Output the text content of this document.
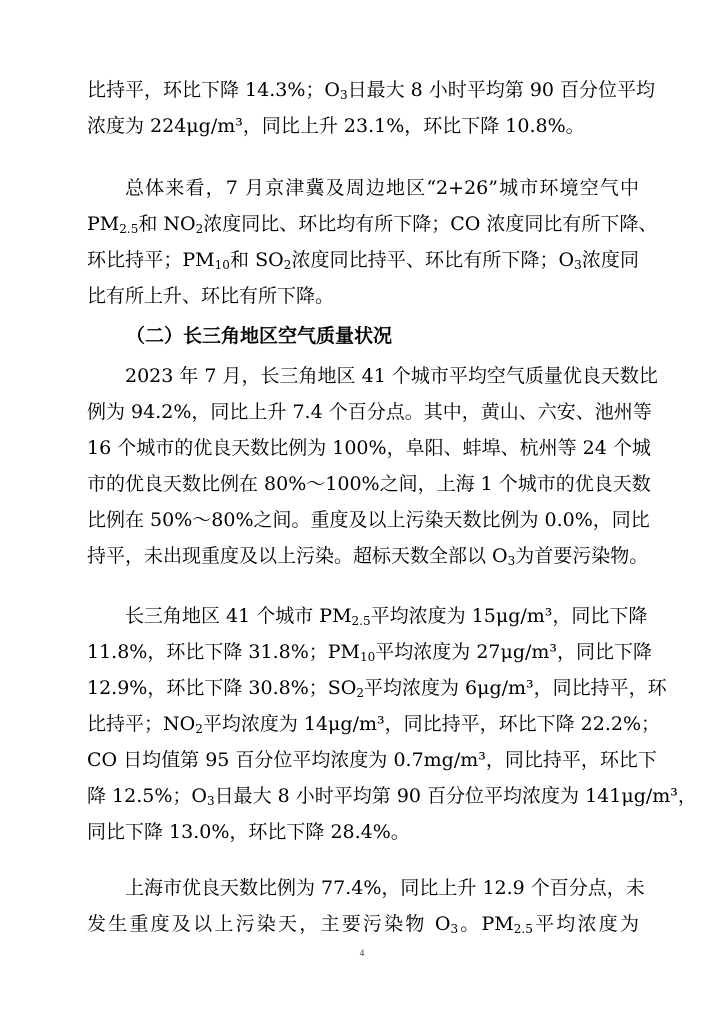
比持平，环比下降 14.3%；$O_3$日最大 8 小时平均第 90 百分位平均
浓度为 224μg/m³，同比上升 23.1%，环比下降 10.8%。
总体来看，7 月京津冀及周边地区“2+26”城市环境空气中
$PM_{2.5}$和 $NO_2$浓度同比、环比均有所下降；CO 浓度同比有所下降、
环比持平；$PM_{10}$和 $SO_2$浓度同比持平、环比有所下降；$O_3$浓度同
比有所上升、环比有所下降。
（二）长三角地区空气质量状况
2023 年 7 月，长三角地区 41 个城市平均空气质量优良天数比
例为 94.2%，同比上升 7.4 个百分点。其中，黄山、六安、池州等
16 个城市的优良天数比例为 100%，阜阳、蚌埠、杭州等 24 个城
市的优良天数比例在 80%～100%之间，上海 1 个城市的优良天数
比例在 50%～80%之间。重度及以上污染天数比例为 0.0%，同比
持平，未出现重度及以上污染。超标天数全部以 $O_3$为首要污染物。
长三角地区 41 个城市 $PM_{2.5}$平均浓度为 15μg/m³，同比下降
11.8%，环比下降 31.8%；$PM_{10}$平均浓度为 27μg/m³，同比下降
12.9%，环比下降 30.8%；$SO_2$平均浓度为 6μg/m³，同比持平，环
比持平；$NO_2$平均浓度为 14μg/m³，同比持平，环比下降 22.2%；
CO 日均值第 95 百分位平均浓度为 0.7mg/m³，同比持平，环比下
降 12.5%；$O_3$日最大 8 小时平均第 90 百分位平均浓度为 141μg/m³，
同比下降 13.0%，环比下降 28.4%。
上海市优良天数比例为 77.4%，同比上升 12.9 个百分点，未
发生重度及以上污染天，主要污染物 $O_3$。$PM_{2.5}$平均浓度为
4
